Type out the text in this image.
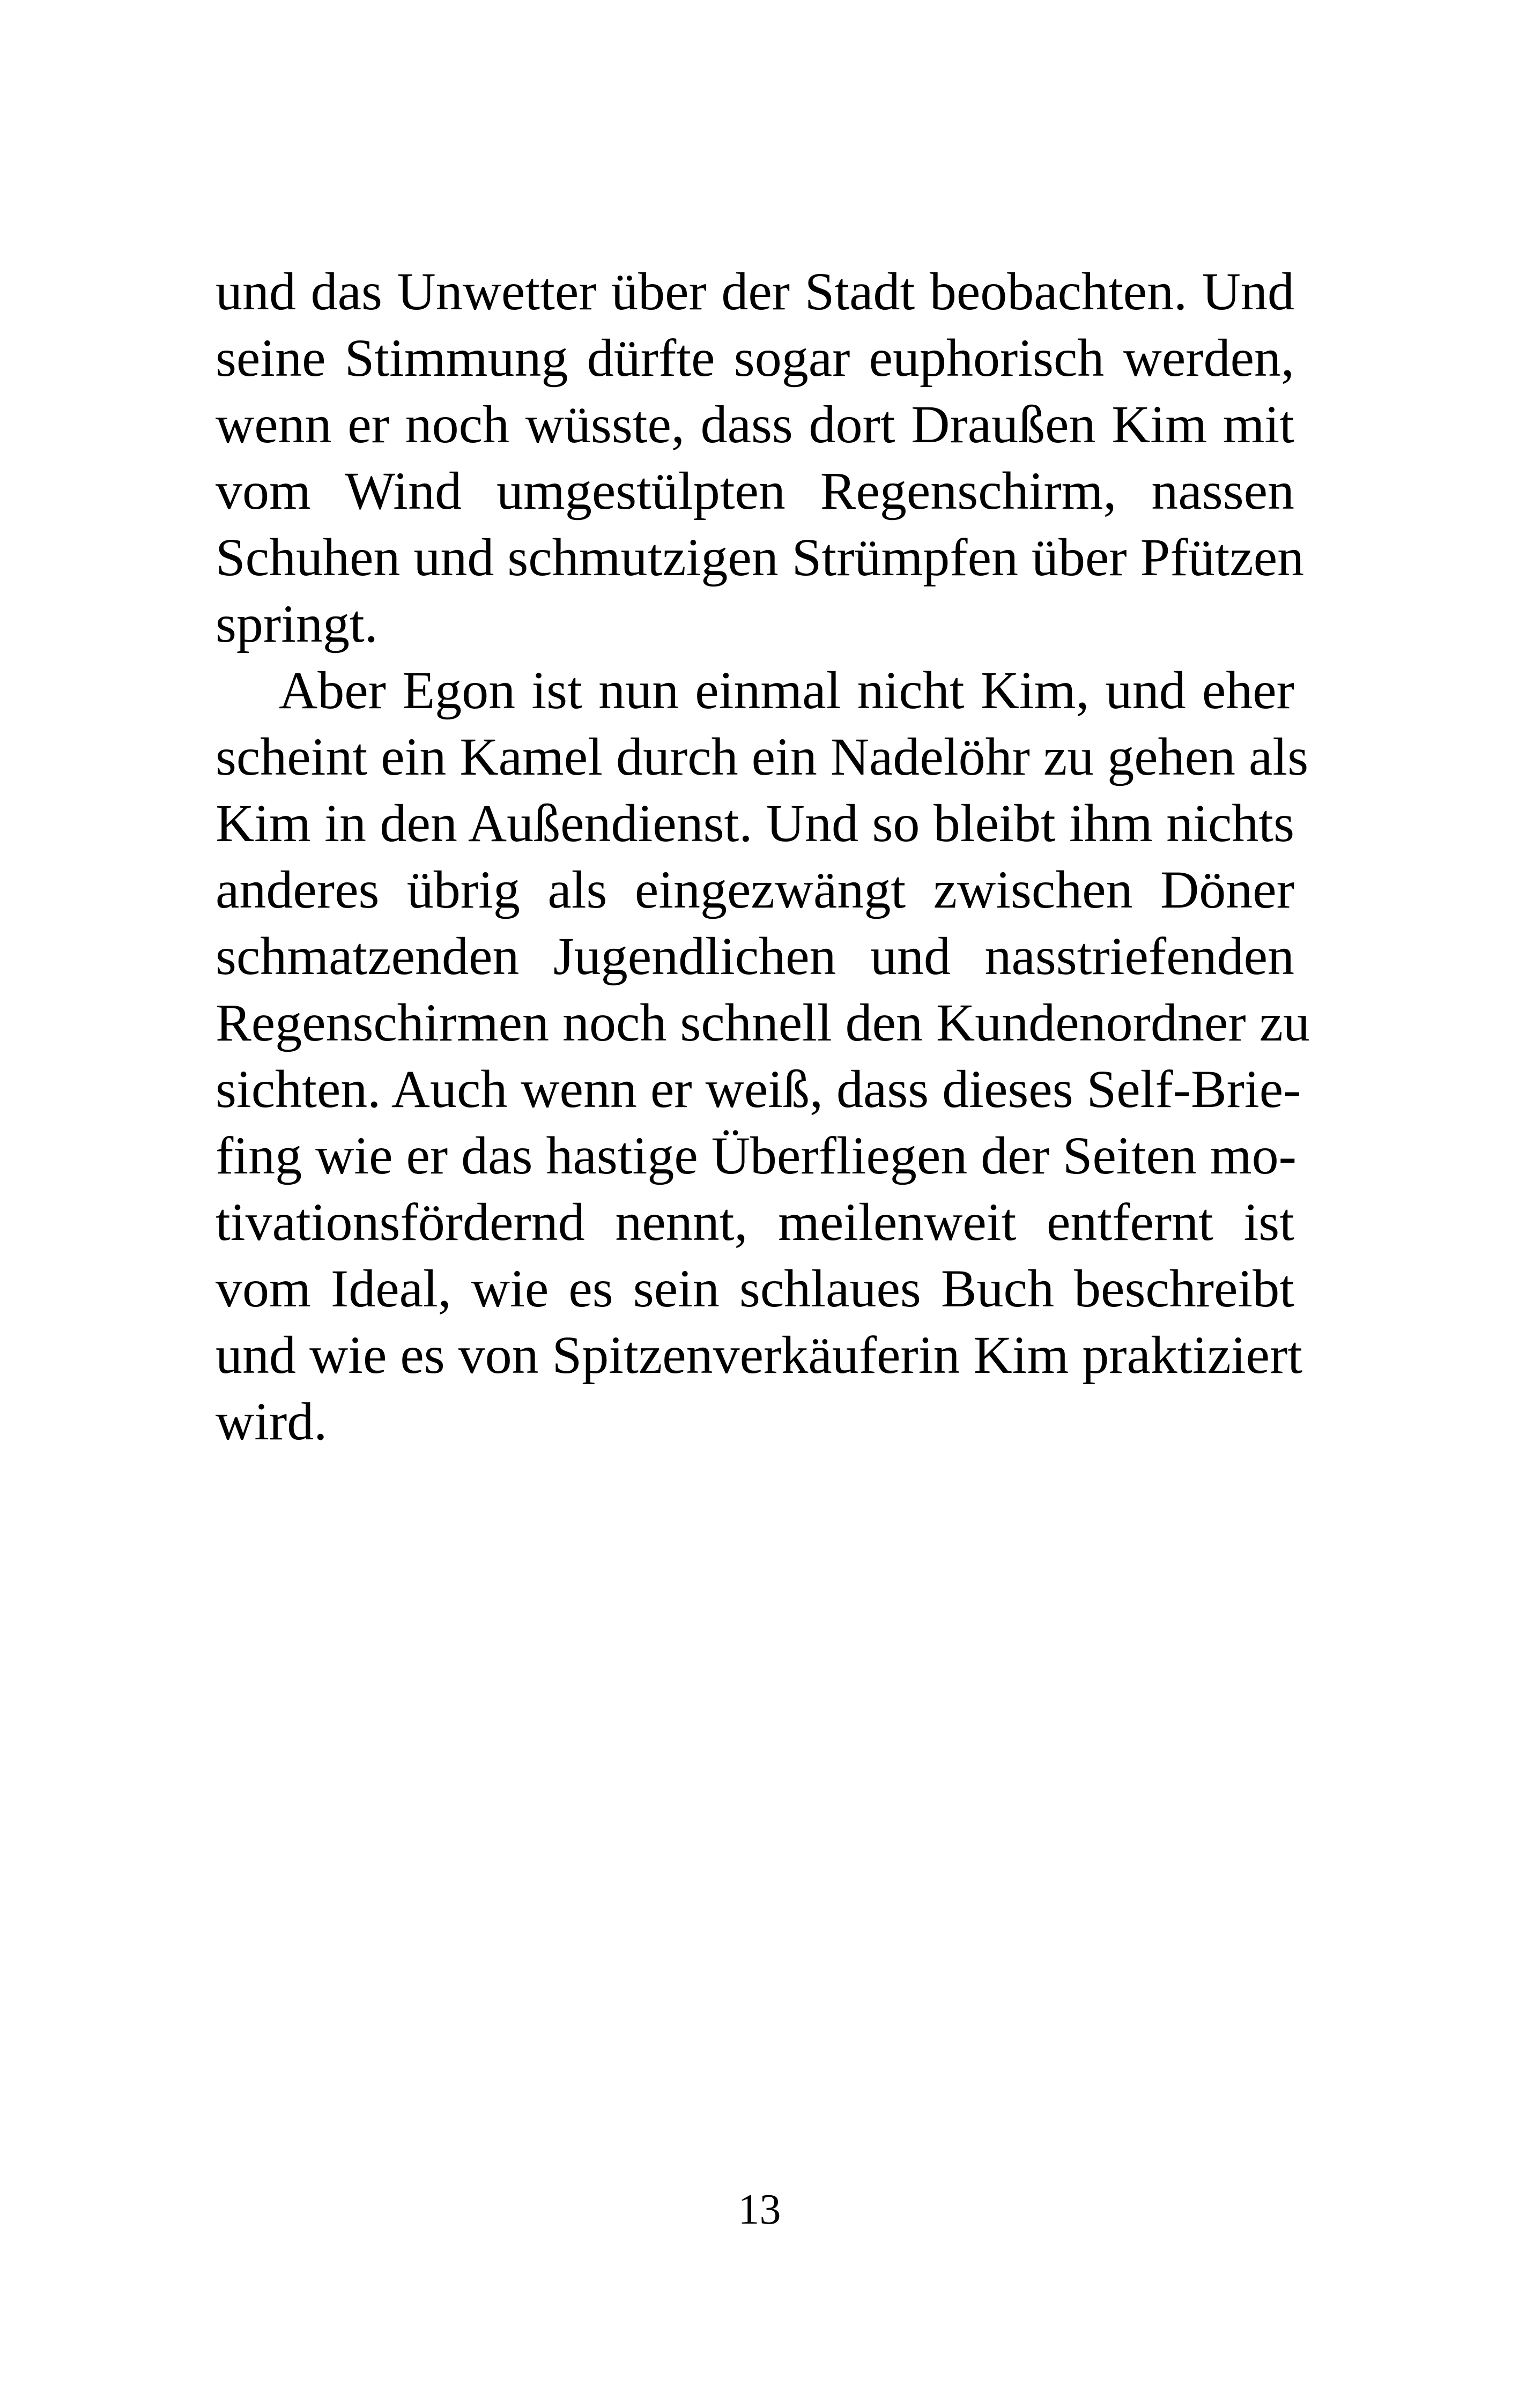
und das Unwetter über der Stadt beobachten. Und
seine Stimmung dürfte sogar euphorisch werden,
wenn er noch wüsste, dass dort Draußen Kim mit
vom Wind umgestülpten Regenschirm, nassen
Schuhen und schmutzigen Strümpfen über Pfützen
springt.
Aber Egon ist nun einmal nicht Kim, und eher
scheint ein Kamel durch ein Nadelöhr zu gehen als
Kim in den Außendienst. Und so bleibt ihm nichts
anderes übrig als eingezwängt zwischen Döner
schmatzenden Jugendlichen und nasstriefenden
Regenschirmen noch schnell den Kundenordner zu
sichten. Auch wenn er weiß, dass dieses Self-Brie-
fing wie er das hastige Überfliegen der Seiten mo-
tivationsfördernd nennt, meilenweit entfernt ist
vom Ideal, wie es sein schlaues Buch beschreibt
und wie es von Spitzenverkäuferin Kim praktiziert
wird.
13
